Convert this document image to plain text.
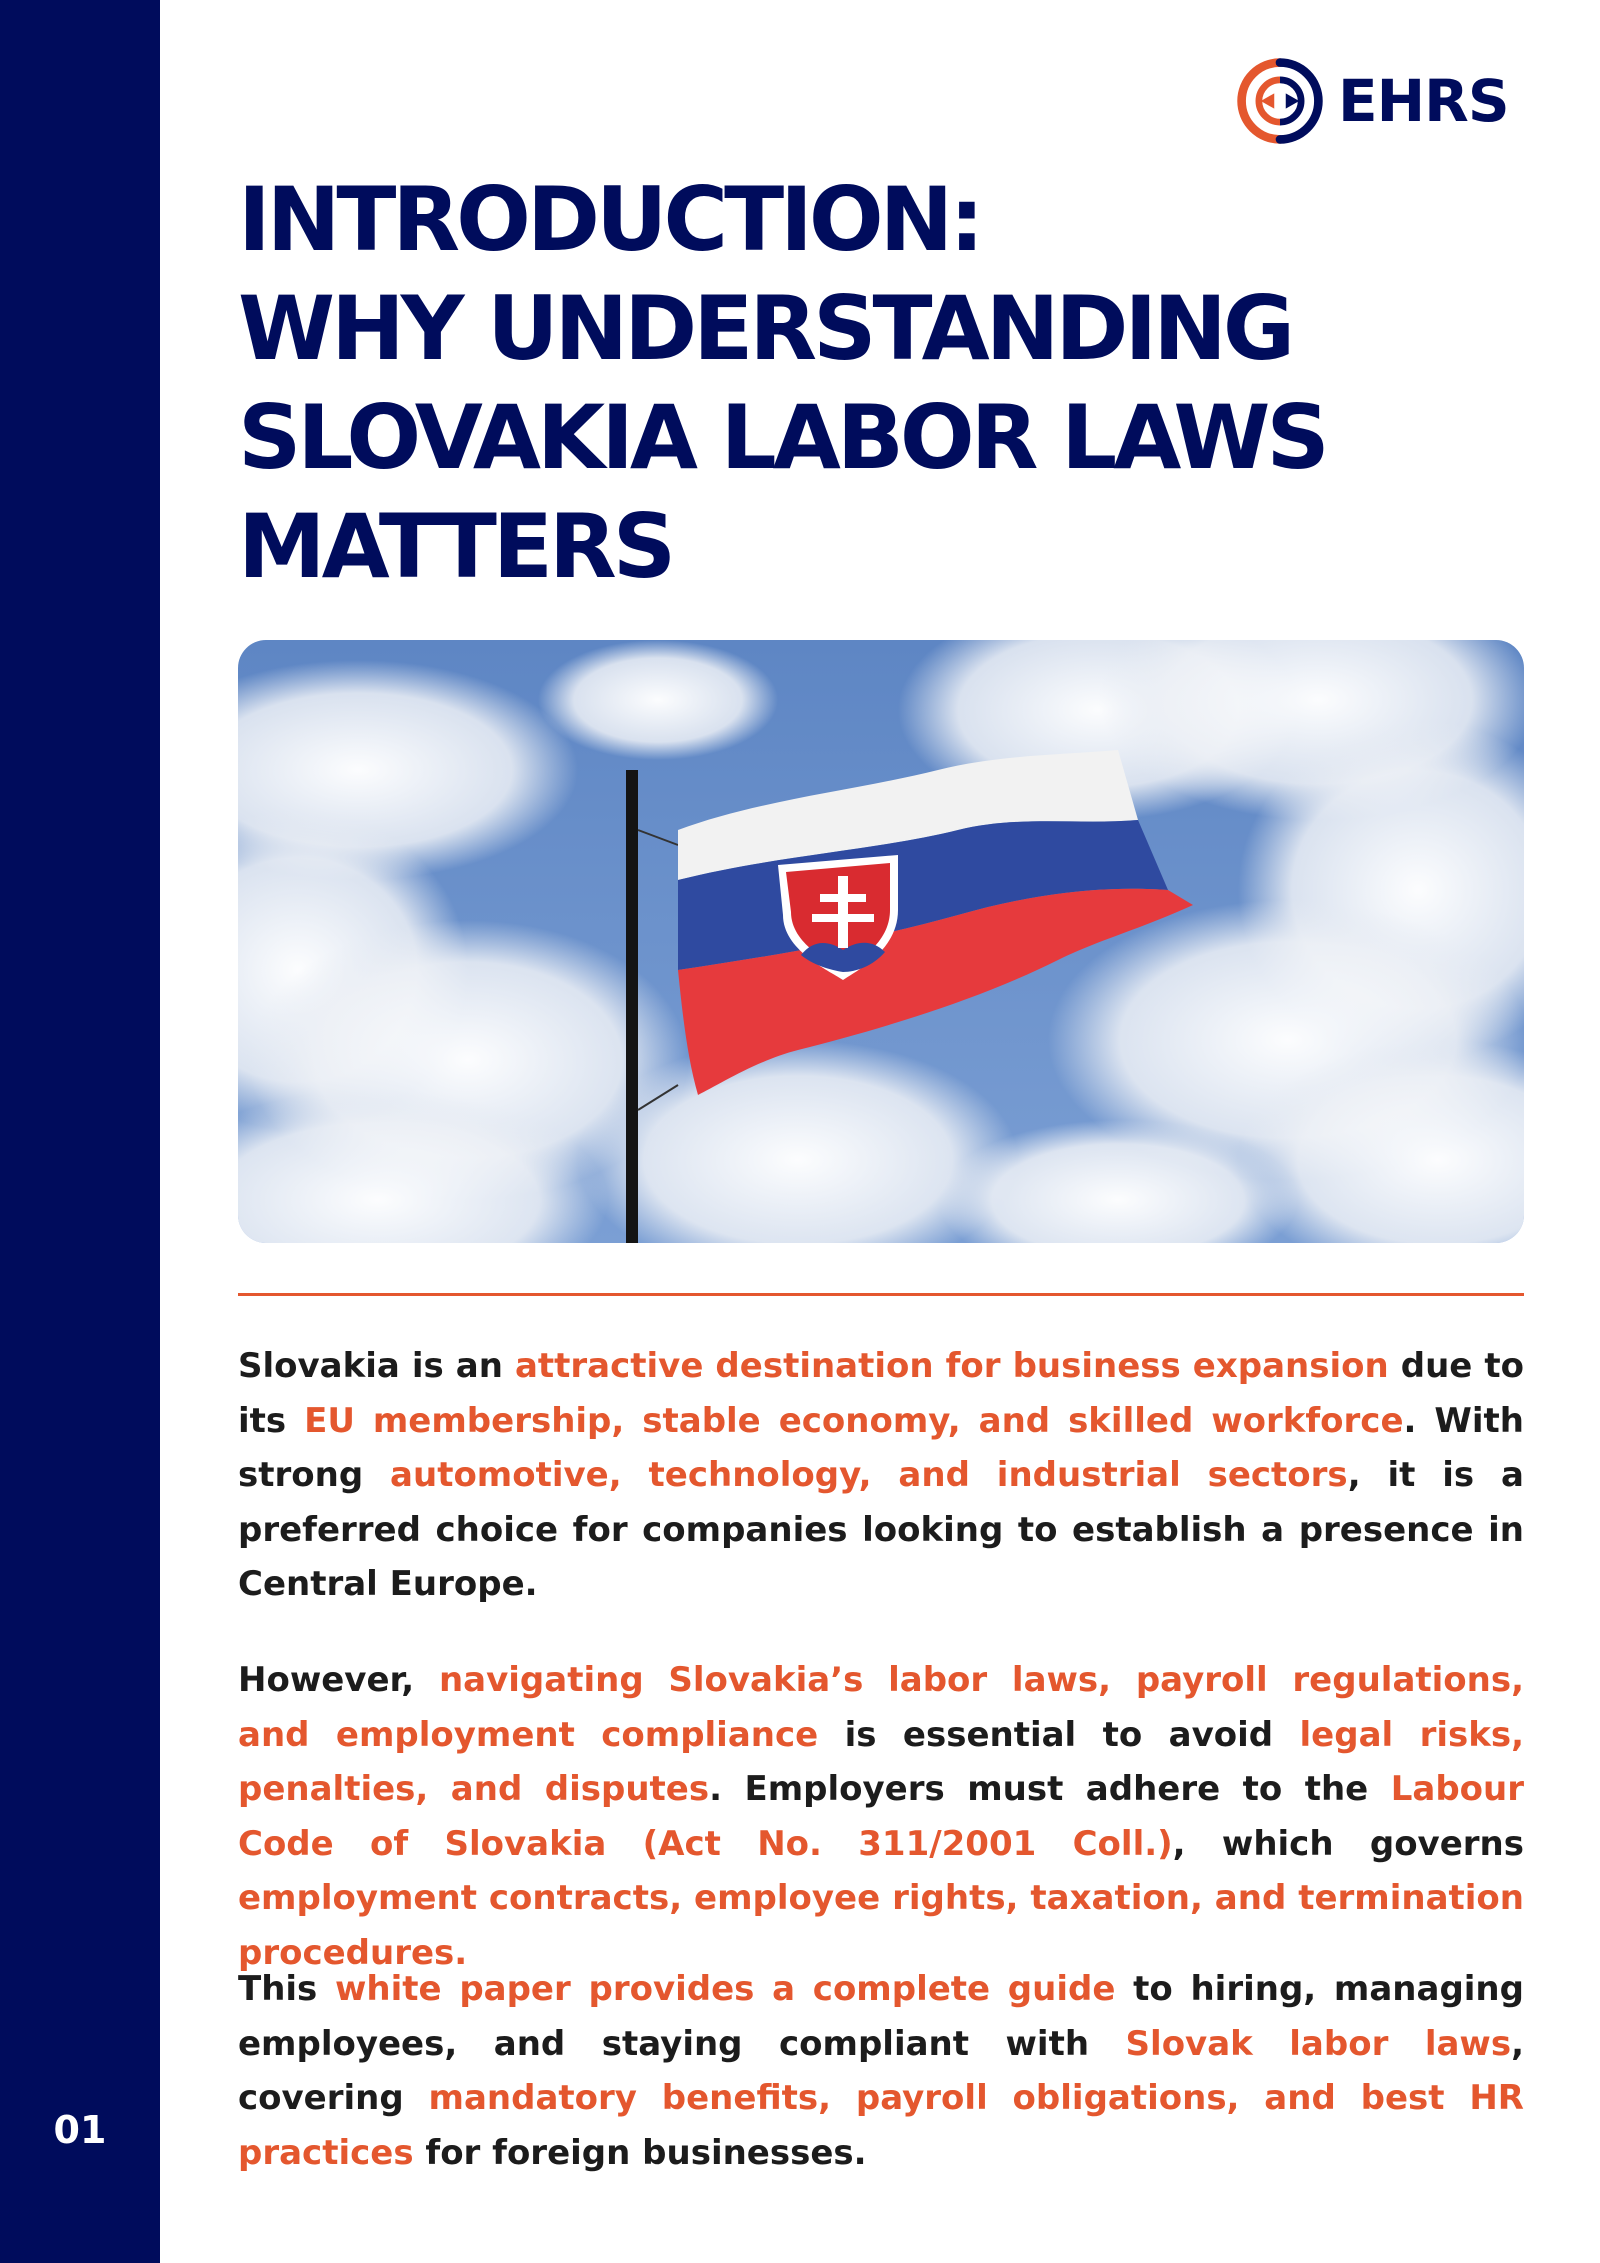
01
EHRS
INTRODUCTION:
WHY UNDERSTANDING
SLOVAKIA LABOR LAWS
MATTERS

Slovakia is an attractive destination for business expansion due to its EU membership, stable economy, and skilled workforce. With strong automotive, technology, and industrial sectors, it is a preferred choice for companies looking to establish a presence in Central Europe.

However, navigating Slovakia’s labor laws, payroll regulations, and employment compliance is essential to avoid legal risks, penalties, and disputes. Employers must adhere to the Labour Code of Slovakia (Act No. 311/2001 Coll.), which governs employment contracts, employee rights, taxation, and termination procedures.

This white paper provides a complete guide to hiring, managing employees, and staying compliant with Slovak labor laws, covering mandatory benefits, payroll obligations, and best HR practices for foreign businesses.
